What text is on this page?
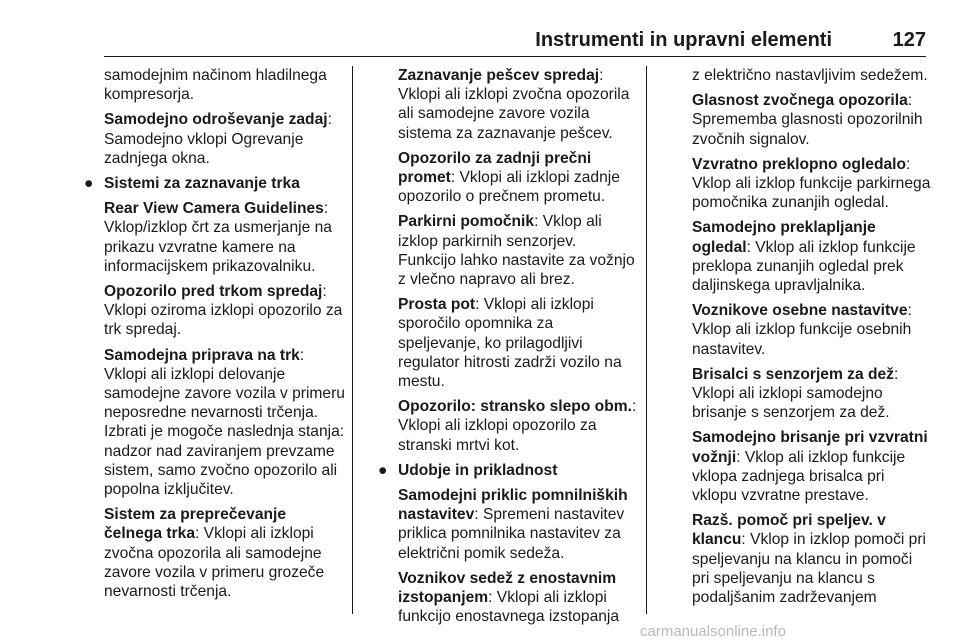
Instrumenti in upravni elementi	127

samodejnim načinom hladilnega kompresorja.

Samodejno odroševanje zadaj: Samodejno vklopi Ogrevanje zadnjega okna.

● Sistemi za zaznavanje trka

Rear View Camera Guidelines: Vklop/izklop črt za usmerjanje na prikazu vzvratne kamere na informacijskem prikazovalniku.

Opozorilo pred trkom spredaj: Vklopi oziroma izklopi opozorilo za trk spredaj.

Samodejna priprava na trk: Vklopi ali izklopi delovanje samodejne zavore vozila v primeru neposredne nevarnosti trčenja. Izbrati je mogoče naslednja stanja: nadzor nad zaviranjem prevzame sistem, samo zvočno opozorilo ali popolna izključitev.

Sistem za preprečevanje čelnega trka: Vklopi ali izklopi zvočna opozorila ali samodejne zavore vozila v primeru grozeče nevarnosti trčenja.

Zaznavanje pešcev spredaj: Vklopi ali izklopi zvočna opozorila ali samodejne zavore vozila sistema za zaznavanje pešcev.

Opozorilo za zadnji prečni promet: Vklopi ali izklopi zadnje opozorilo o prečnem prometu.

Parkirni pomočnik: Vklop ali izklop parkirnih senzorjev. Funkcijo lahko nastavite za vožnjo z vlečno napravo ali brez.

Prosta pot: Vklopi ali izklopi sporočilo opomnika za speljevanje, ko prilagodljivi regulator hitrosti zadrži vozilo na mestu.

Opozorilo: stransko slepo obm.: Vklopi ali izklopi opozorilo za stranski mrtvi kot.

● Udobje in prikladnost

Samodejni priklic pomnilniških nastavitev: Spremeni nastavitev priklica pomnilnika nastavitev za električni pomik sedeža.

Voznikov sedež z enostavnim izstopanjem: Vklopi ali izklopi funkcijo enostavnega izstopanja

z električno nastavljivim sedežem.

Glasnost zvočnega opozorila: Sprememba glasnosti opozorilnih zvočnih signalov.

Vzvratno preklopno ogledalo: Vklop ali izklop funkcije parkirnega pomočnika zunanjih ogledal.

Samodejno preklapljanje ogledal: Vklop ali izklop funkcije preklopa zunanjih ogledal prek daljinskega upravljalnika.

Voznikove osebne nastavitve: Vklop ali izklop funkcije osebnih nastavitev.

Brisalci s senzorjem za dež: Vklopi ali izklopi samodejno brisanje s senzorjem za dež.

Samodejno brisanje pri vzvratni vožnji: Vklop ali izklop funkcije vklopa zadnjega brisalca pri vklopu vzvratne prestave.

Razš. pomoč pri speljev. v klancu: Vklop in izklop pomoči pri speljevanju na klancu in pomoči pri speljevanju na klancu s podaljšanim zadrževanjem

carmanualsonline.info
